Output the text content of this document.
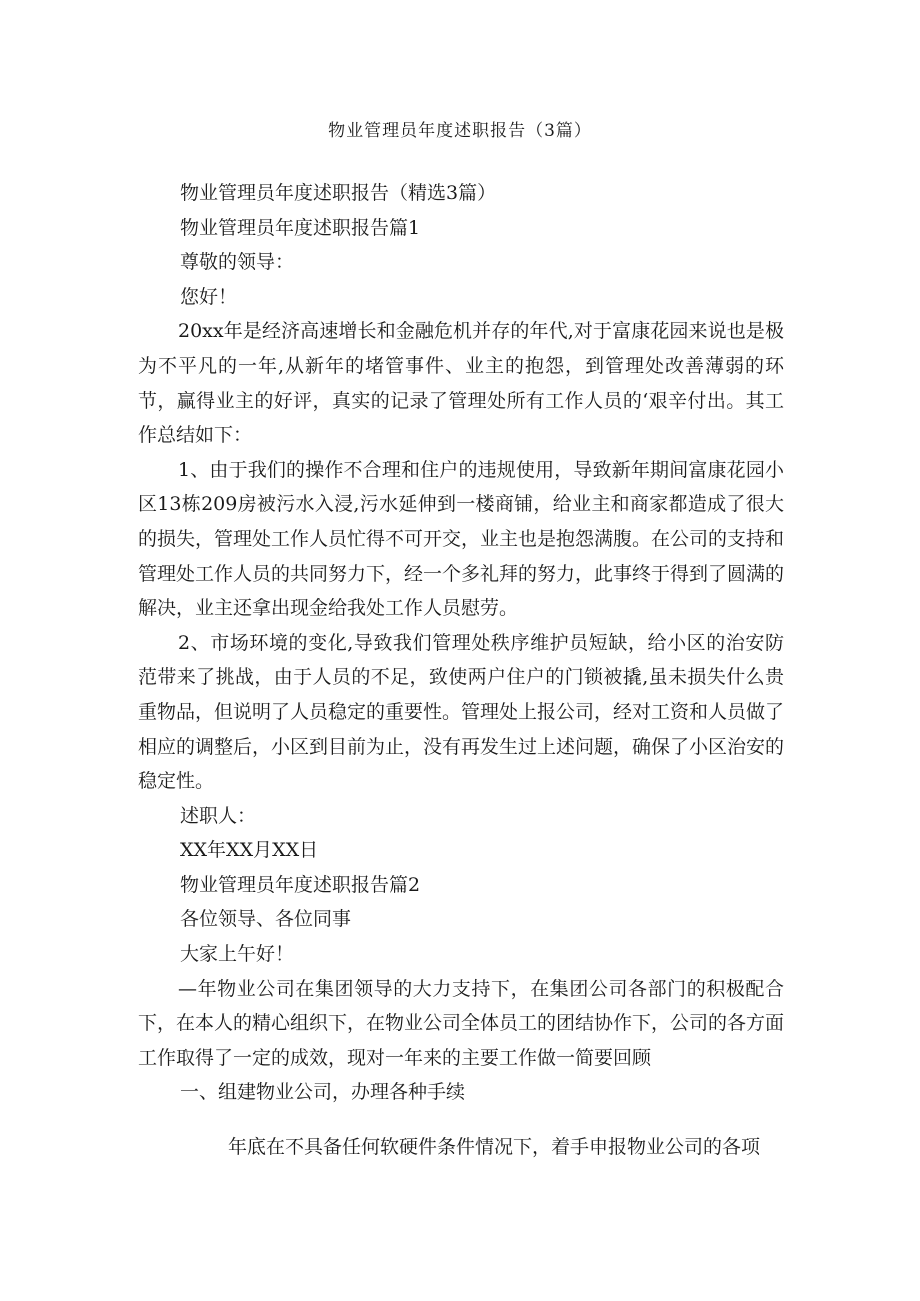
物业管理员年度述职报告（3篇）
物业管理员年度述职报告（精选3篇）
物业管理员年度述职报告篇1
尊敬的领导：
您好！

20xx年是经济高速增长和金融危机并存的年代,对于富康花园来说也是极为不平凡的一年,从新年的堵管事件、业主的抱怨，到管理处改善薄弱的环节，赢得业主的好评，真实的记录了管理处所有工作人员的‘艰辛付出。其工作总结如下：

1、由于我们的操作不合理和住户的违规使用，导致新年期间富康花园小区13栋209房被污水入浸,污水延伸到一楼商铺，给业主和商家都造成了很大的损失，管理处工作人员忙得不可开交，业主也是抱怨满腹。在公司的支持和管理处工作人员的共同努力下，经一个多礼拜的努力，此事终于得到了圆满的解决，业主还拿出现金给我处工作人员慰劳。

2、市场环境的变化,导致我们管理处秩序维护员短缺，给小区的治安防范带来了挑战，由于人员的不足，致使两户住户的门锁被撬,虽未损失什么贵重物品，但说明了人员稳定的重要性。管理处上报公司，经对工资和人员做了相应的调整后，小区到目前为止，没有再发生过上述问题，确保了小区治安的稳定性。

述职人：
XX年XX月XX日
物业管理员年度述职报告篇2
各位领导、各位同事
大家上午好！

—年物业公司在集团领导的大力支持下，在集团公司各部门的积极配合下，在本人的精心组织下，在物业公司全体员工的团结协作下，公司的各方面工作取得了一定的成效，现对一年来的主要工作做一简要回顾

一、组建物业公司，办理各种手续
年底在不具备任何软硬件条件情况下，着手申报物业公司的各项
